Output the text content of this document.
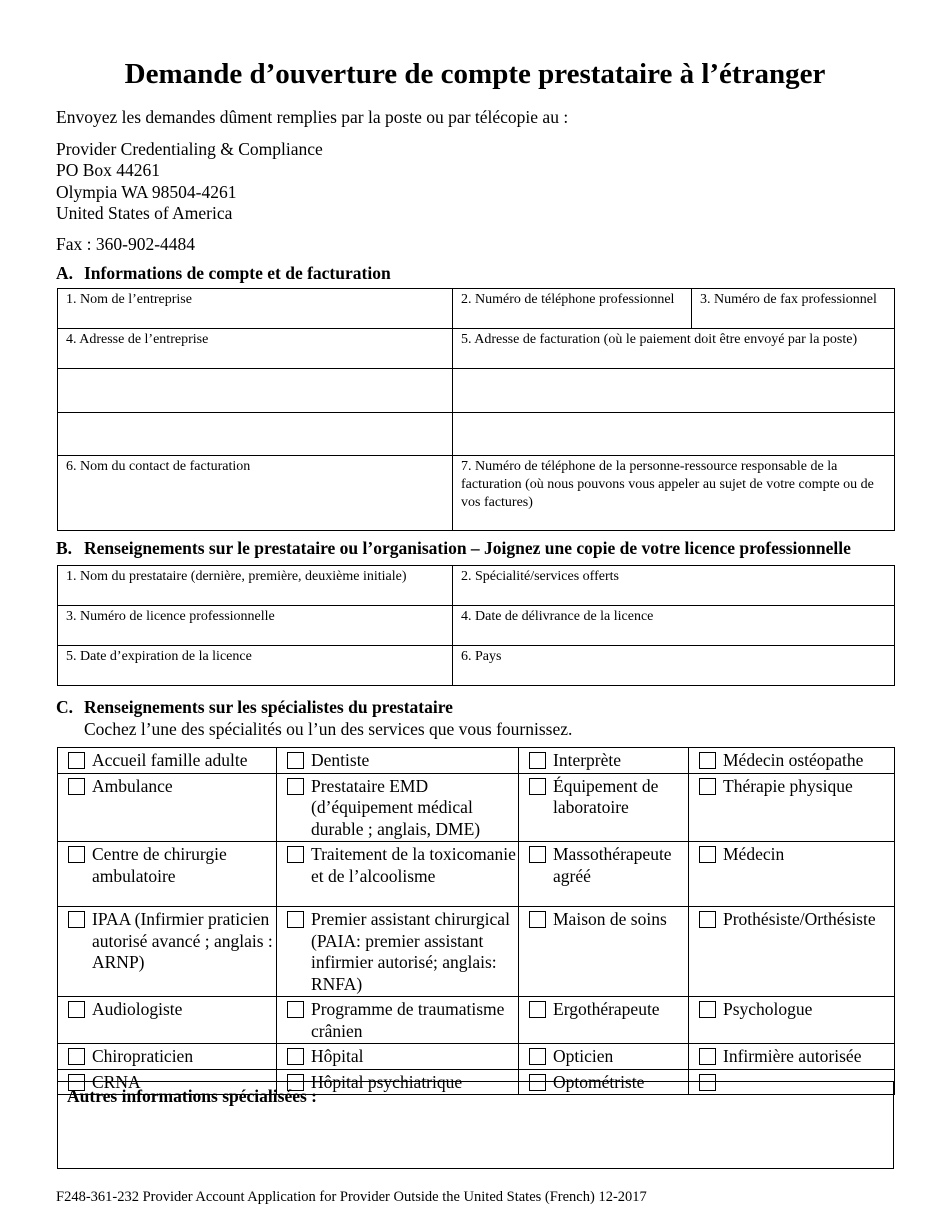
Demande d’ouverture de compte prestataire à l’étranger
Envoyez les demandes dûment remplies par la poste ou par télécopie au :
Provider Credentialing & Compliance
PO Box 44261
Olympia WA 98504-4261
United States of America
Fax : 360-902-4484
A. Informations de compte et de facturation
1. Nom de l’entreprise	2. Numéro de téléphone professionnel	3. Numéro de fax professionnel
4. Adresse de l’entreprise	5. Adresse de facturation (où le paiement doit être envoyé par la poste)	

6. Nom du contact de facturation	7. Numéro de téléphone de la personne-ressource responsable de la facturation (où nous pouvons vous appeler au sujet de votre compte ou de vos factures)	
B. Renseignements sur le prestataire ou l’organisation – Joignez une copie de votre licence professionnelle
1. Nom du prestataire (dernière, première, deuxième initiale)	2. Spécialité/services offerts
3. Numéro de licence professionnelle	4. Date de délivrance de la licence
5. Date d’expiration de la licence	6. Pays
C. Renseignements sur les spécialistes du prestataire
Cochez l’une des spécialités ou l’un des services que vous fournissez.
Accueil famille adulte	Dentiste	Interprète	Médecin ostéopathe

Ambulance	Prestataire EMD (d’équipement médical durable ; anglais, DME)	Équipement de laboratoire	Thérapie physique

Centre de chirurgie ambulatoire	Traitement de la toxicomanie et de l’alcoolisme	Massothérapeute agréé	Médecin

IPAA (Infirmier praticien autorisé avancé ; anglais : ARNP)	Premier assistant chirurgical (PAIA: premier assistant infirmier autorisé; anglais: RNFA)	Maison de soins	Prothésiste/Orthésiste

Audiologiste	Programme de traumatisme crânien	Ergothérapeute	Psychologue

Chiropraticien	Hôpital	Opticien	Infirmière autorisée

CRNA	Hôpital psychiatrique	Optométriste	

Autres informations spécialisées :
F248-361-232 Provider Account Application for Provider Outside the United States (French) 12-2017
